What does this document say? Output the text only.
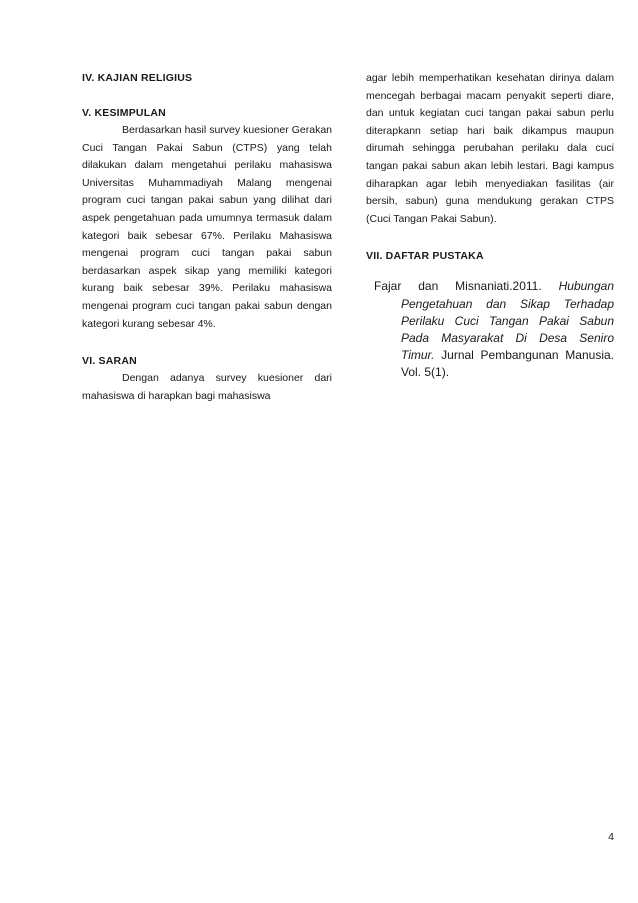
IV. KAJIAN RELIGIUS

V. KESIMPULAN

Berdasarkan hasil survey kuesioner Gerakan Cuci Tangan Pakai Sabun (CTPS) yang telah dilakukan dalam mengetahui perilaku mahasiswa Universitas Muhammadiyah Malang mengenai program cuci tangan pakai sabun yang dilihat dari aspek pengetahuan pada umumnya termasuk dalam kategori baik sebesar 67%. Perilaku Mahasiswa mengenai program cuci tangan pakai sabun berdasarkan aspek sikap yang memiliki kategori kurang baik sebesar 39%. Perilaku mahasiswa mengenai program cuci tangan pakai sabun dengan kategori kurang sebesar 4%.

VI. SARAN

Dengan adanya survey kuesioner dari mahasiswa di harapkan bagi mahasiswa

agar lebih memperhatikan kesehatan dirinya dalam mencegah berbagai macam penyakit seperti diare, dan untuk kegiatan cuci tangan pakai sabun perlu diterapkann setiap hari baik dikampus maupun dirumah sehingga perubahan perilaku dala cuci tangan pakai sabun akan lebih lestari. Bagi kampus diharapkan agar lebih menyediakan fasilitas (air bersih, sabun) guna mendukung gerakan CTPS (Cuci Tangan Pakai Sabun).

VII. DAFTAR PUSTAKA

Fajar dan Misnaniati.2011. Hubungan Pengetahuan dan Sikap Terhadap Perilaku Cuci Tangan Pakai Sabun Pada Masyarakat Di Desa Seniro Timur. Jurnal Pembangunan Manusia. Vol. 5(1).

4
